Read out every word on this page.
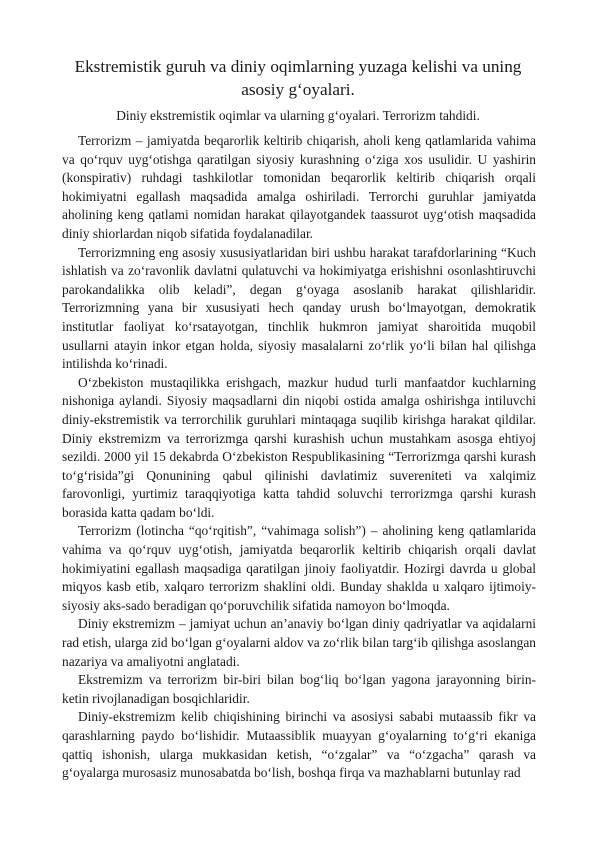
Ekstremistik guruh va diniy oqimlarning yuzaga kelishi va uning asosiy g‘oyalari.
Diniy ekstremistik oqimlar va ularning g‘oyalari. Terrorizm tahdidi.

Terrorizm – jamiyatda beqarorlik keltirib chiqarish, aholi keng qatlamlarida vahima va qo‘rquv uyg‘otishga qaratilgan siyosiy kurashning o‘ziga xos usulidir. U yashirin (konspirativ) ruhdagi tashkilotlar tomonidan beqarorlik keltirib chiqarish orqali hokimiyatni egallash maqsadida amalga oshiriladi. Terrorchi guruhlar jamiyatda aholining keng qatlami nomidan harakat qilayotgandek taassurot uyg‘otish maqsadida diniy shiorlardan niqob sifatida foydalanadilar.

Terrorizmning eng asosiy xususiyatlaridan biri ushbu harakat tarafdorlarining “Kuch ishlatish va zo‘ravonlik davlatni qulatuvchi va hokimiyatga erishishni osonlashtiruvchi parokandalikka olib keladi”, degan g‘oyaga asoslanib harakat qilishlaridir. Terrorizmning yana bir xususiyati hech qanday urush bo‘lmayotgan, demokratik institutlar faoliyat ko‘rsatayotgan, tinchlik hukmron jamiyat sharoitida muqobil usullarni atayin inkor etgan holda, siyosiy masalalarni zo‘rlik yo‘li bilan hal qilishga intilishda ko‘rinadi.

O‘zbekiston mustaqilikka erishgach, mazkur hudud turli manfaatdor kuchlarning nishoniga aylandi. Siyosiy maqsadlarni din niqobi ostida amalga oshirishga intiluvchi diniy-ekstremistik va terrorchilik guruhlari mintaqaga suqilib kirishga harakat qildilar. Diniy ekstremizm va terrorizmga qarshi kurashish uchun mustahkam asosga ehtiyoj sezildi. 2000 yil 15 dekabrda O‘zbekiston Respublikasining “Terrorizmga qarshi kurash to‘g‘risida”gi Qonunining qabul qilinishi davlatimiz suvereniteti va xalqimiz farovonligi, yurtimiz taraqqiyotiga katta tahdid soluvchi terrorizmga qarshi kurash borasida katta qadam bo‘ldi.

Terrorizm (lotincha “qo‘rqitish”, “vahimaga solish”) – aholining keng qatlamlarida vahima va qo‘rquv uyg‘otish, jamiyatda beqarorlik keltirib chiqarish orqali davlat hokimiyatini egallash maqsadiga qaratilgan jinoiy faoliyatdir. Hozirgi davrda u global miqyos kasb etib, xalqaro terrorizm shaklini oldi. Bunday shaklda u xalqaro ijtimoiy-siyosiy aks-sado beradigan qo‘poruvchilik sifatida namoyon bo‘lmoqda.

Diniy ekstremizm – jamiyat uchun an’anaviy bo‘lgan diniy qadriyatlar va aqidalarni rad etish, ularga zid bo‘lgan g‘oyalarni aldov va zo‘rlik bilan targ‘ib qilishga asoslangan nazariya va amaliyotni anglatadi.

Ekstremizm va terrorizm bir-biri bilan bog‘liq bo‘lgan yagona jarayonning birin-ketin rivojlanadigan bosqichlaridir.

Diniy-ekstremizm kelib chiqishining birinchi va asosiysi sababi mutaassib fikr va qarashlarning paydo bo‘lishidir. Mutaassiblik muayyan g‘oyalarning to‘g‘ri ekaniga qattiq ishonish, ularga mukkasidan ketish, “o‘zgalar” va “o‘zgacha” qarash va g‘oyalarga murosasiz munosabatda bo‘lish, boshqa firqa va mazhablarni butunlay rad
